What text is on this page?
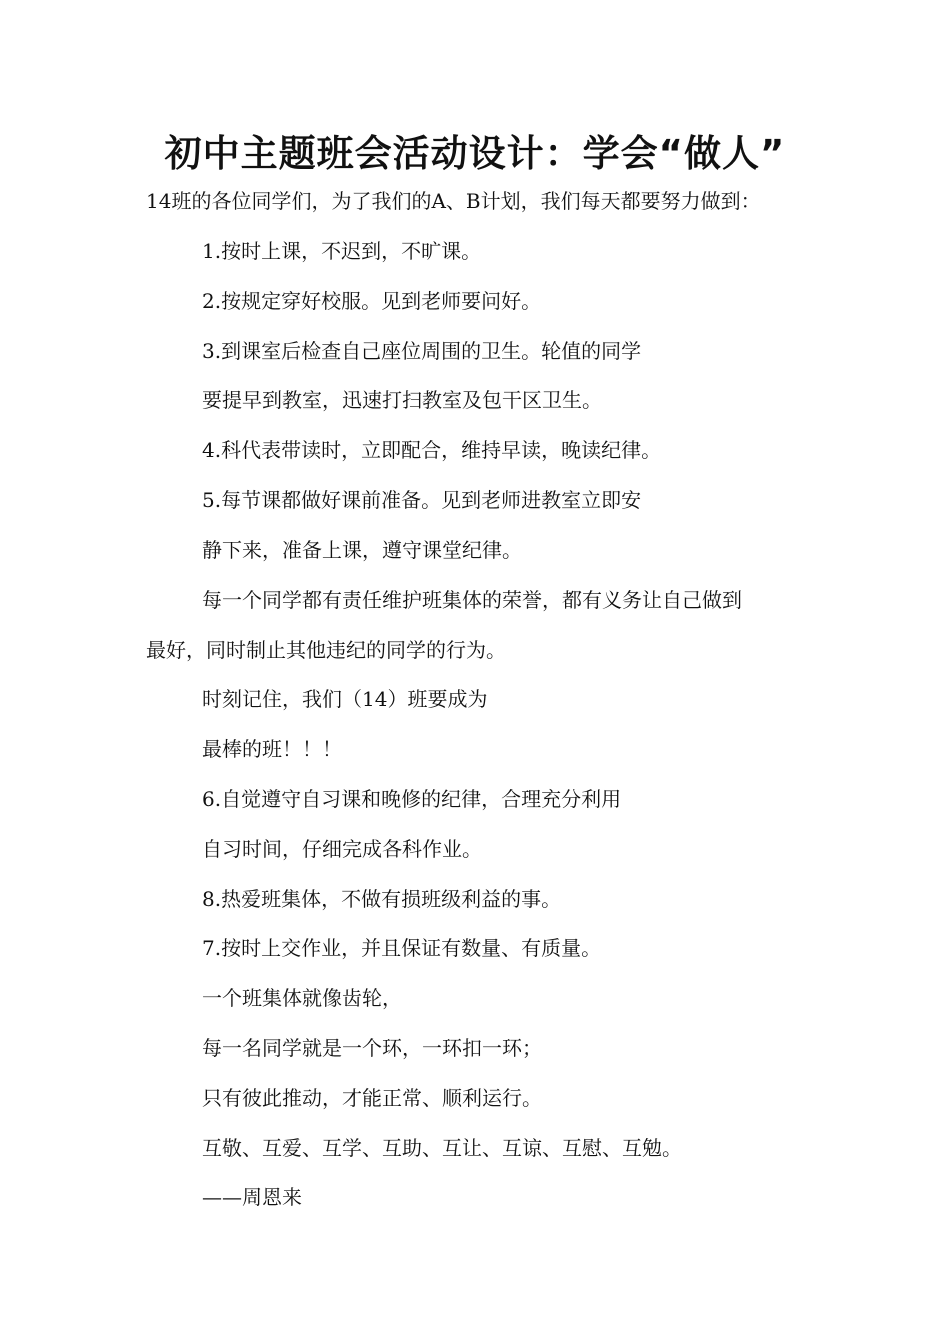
初中主题班会活动设计：学会“做人”

14班的各位同学们，为了我们的A、B计划，我们每天都要努力做到：

1.按时上课，不迟到，不旷课。

2.按规定穿好校服。见到老师要问好。

3.到课室后检查自己座位周围的卫生。轮值的同学

要提早到教室，迅速打扫教室及包干区卫生。

4.科代表带读时，立即配合，维持早读，晚读纪律。

5.每节课都做好课前准备。见到老师进教室立即安

静下来，准备上课，遵守课堂纪律。

每一个同学都有责任维护班集体的荣誉，都有义务让自己做到

最好，同时制止其他违纪的同学的行为。

时刻记住，我们（14）班要成为

最棒的班！！！

6.自觉遵守自习课和晚修的纪律，合理充分利用

自习时间，仔细完成各科作业。

8.热爱班集体，不做有损班级利益的事。

7.按时上交作业，并且保证有数量、有质量。

一个班集体就像齿轮，

每一名同学就是一个环，一环扣一环；

只有彼此推动，才能正常、顺利运行。

互敬、互爱、互学、互助、互让、互谅、互慰、互勉。

——周恩来
